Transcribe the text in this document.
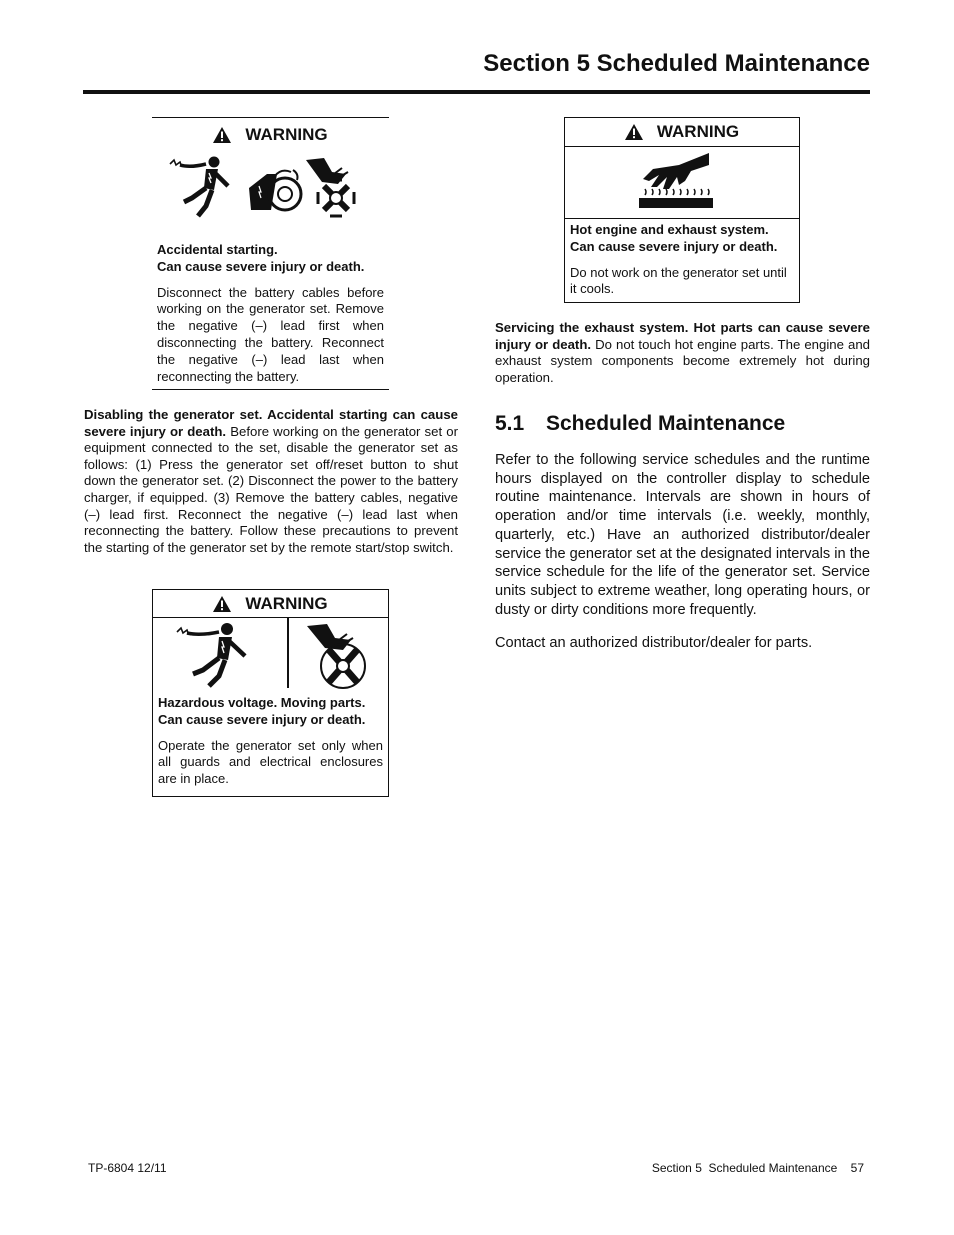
Section 5 Scheduled Maintenance
WARNING
Accidental starting.
Can cause severe injury or death.
Disconnect the battery cables before working on the generator set. Remove the negative (–) lead first when disconnecting the battery. Reconnect the negative (–) lead last when reconnecting the battery.

Disabling the generator set. Accidental starting can cause severe injury or death. Before working on the generator set or equipment connected to the set, disable the generator set as follows: (1) Press the generator set off/reset button to shut down the generator set. (2) Disconnect the power to the battery charger, if equipped. (3) Remove the battery cables, negative (–) lead first. Reconnect the negative (–) lead last when reconnecting the battery. Follow these precautions to prevent the starting of the generator set by the remote start/stop switch.

WARNING
Hazardous voltage. Moving parts.
Can cause severe injury or death.
Operate the generator set only when all guards and electrical enclosures are in place.
WARNING
Hot engine and exhaust system.
Can cause severe injury or death.
Do not work on the generator set until it cools.

Servicing the exhaust system. Hot parts can cause severe injury or death. Do not touch hot engine parts. The engine and exhaust system components become extremely hot during operation.

5.1 Scheduled Maintenance

Refer to the following service schedules and the runtime hours displayed on the controller display to schedule routine maintenance. Intervals are shown in hours of operation and/or time intervals (i.e. weekly, monthly, quarterly, etc.) Have an authorized distributor/dealer service the generator set at the designated intervals in the service schedule for the life of the generator set. Service units subject to extreme weather, long operating hours, or dusty or dirty conditions more frequently.

Contact an authorized distributor/dealer for parts.

TP-6804 12/11	Section 5  Scheduled Maintenance 57
